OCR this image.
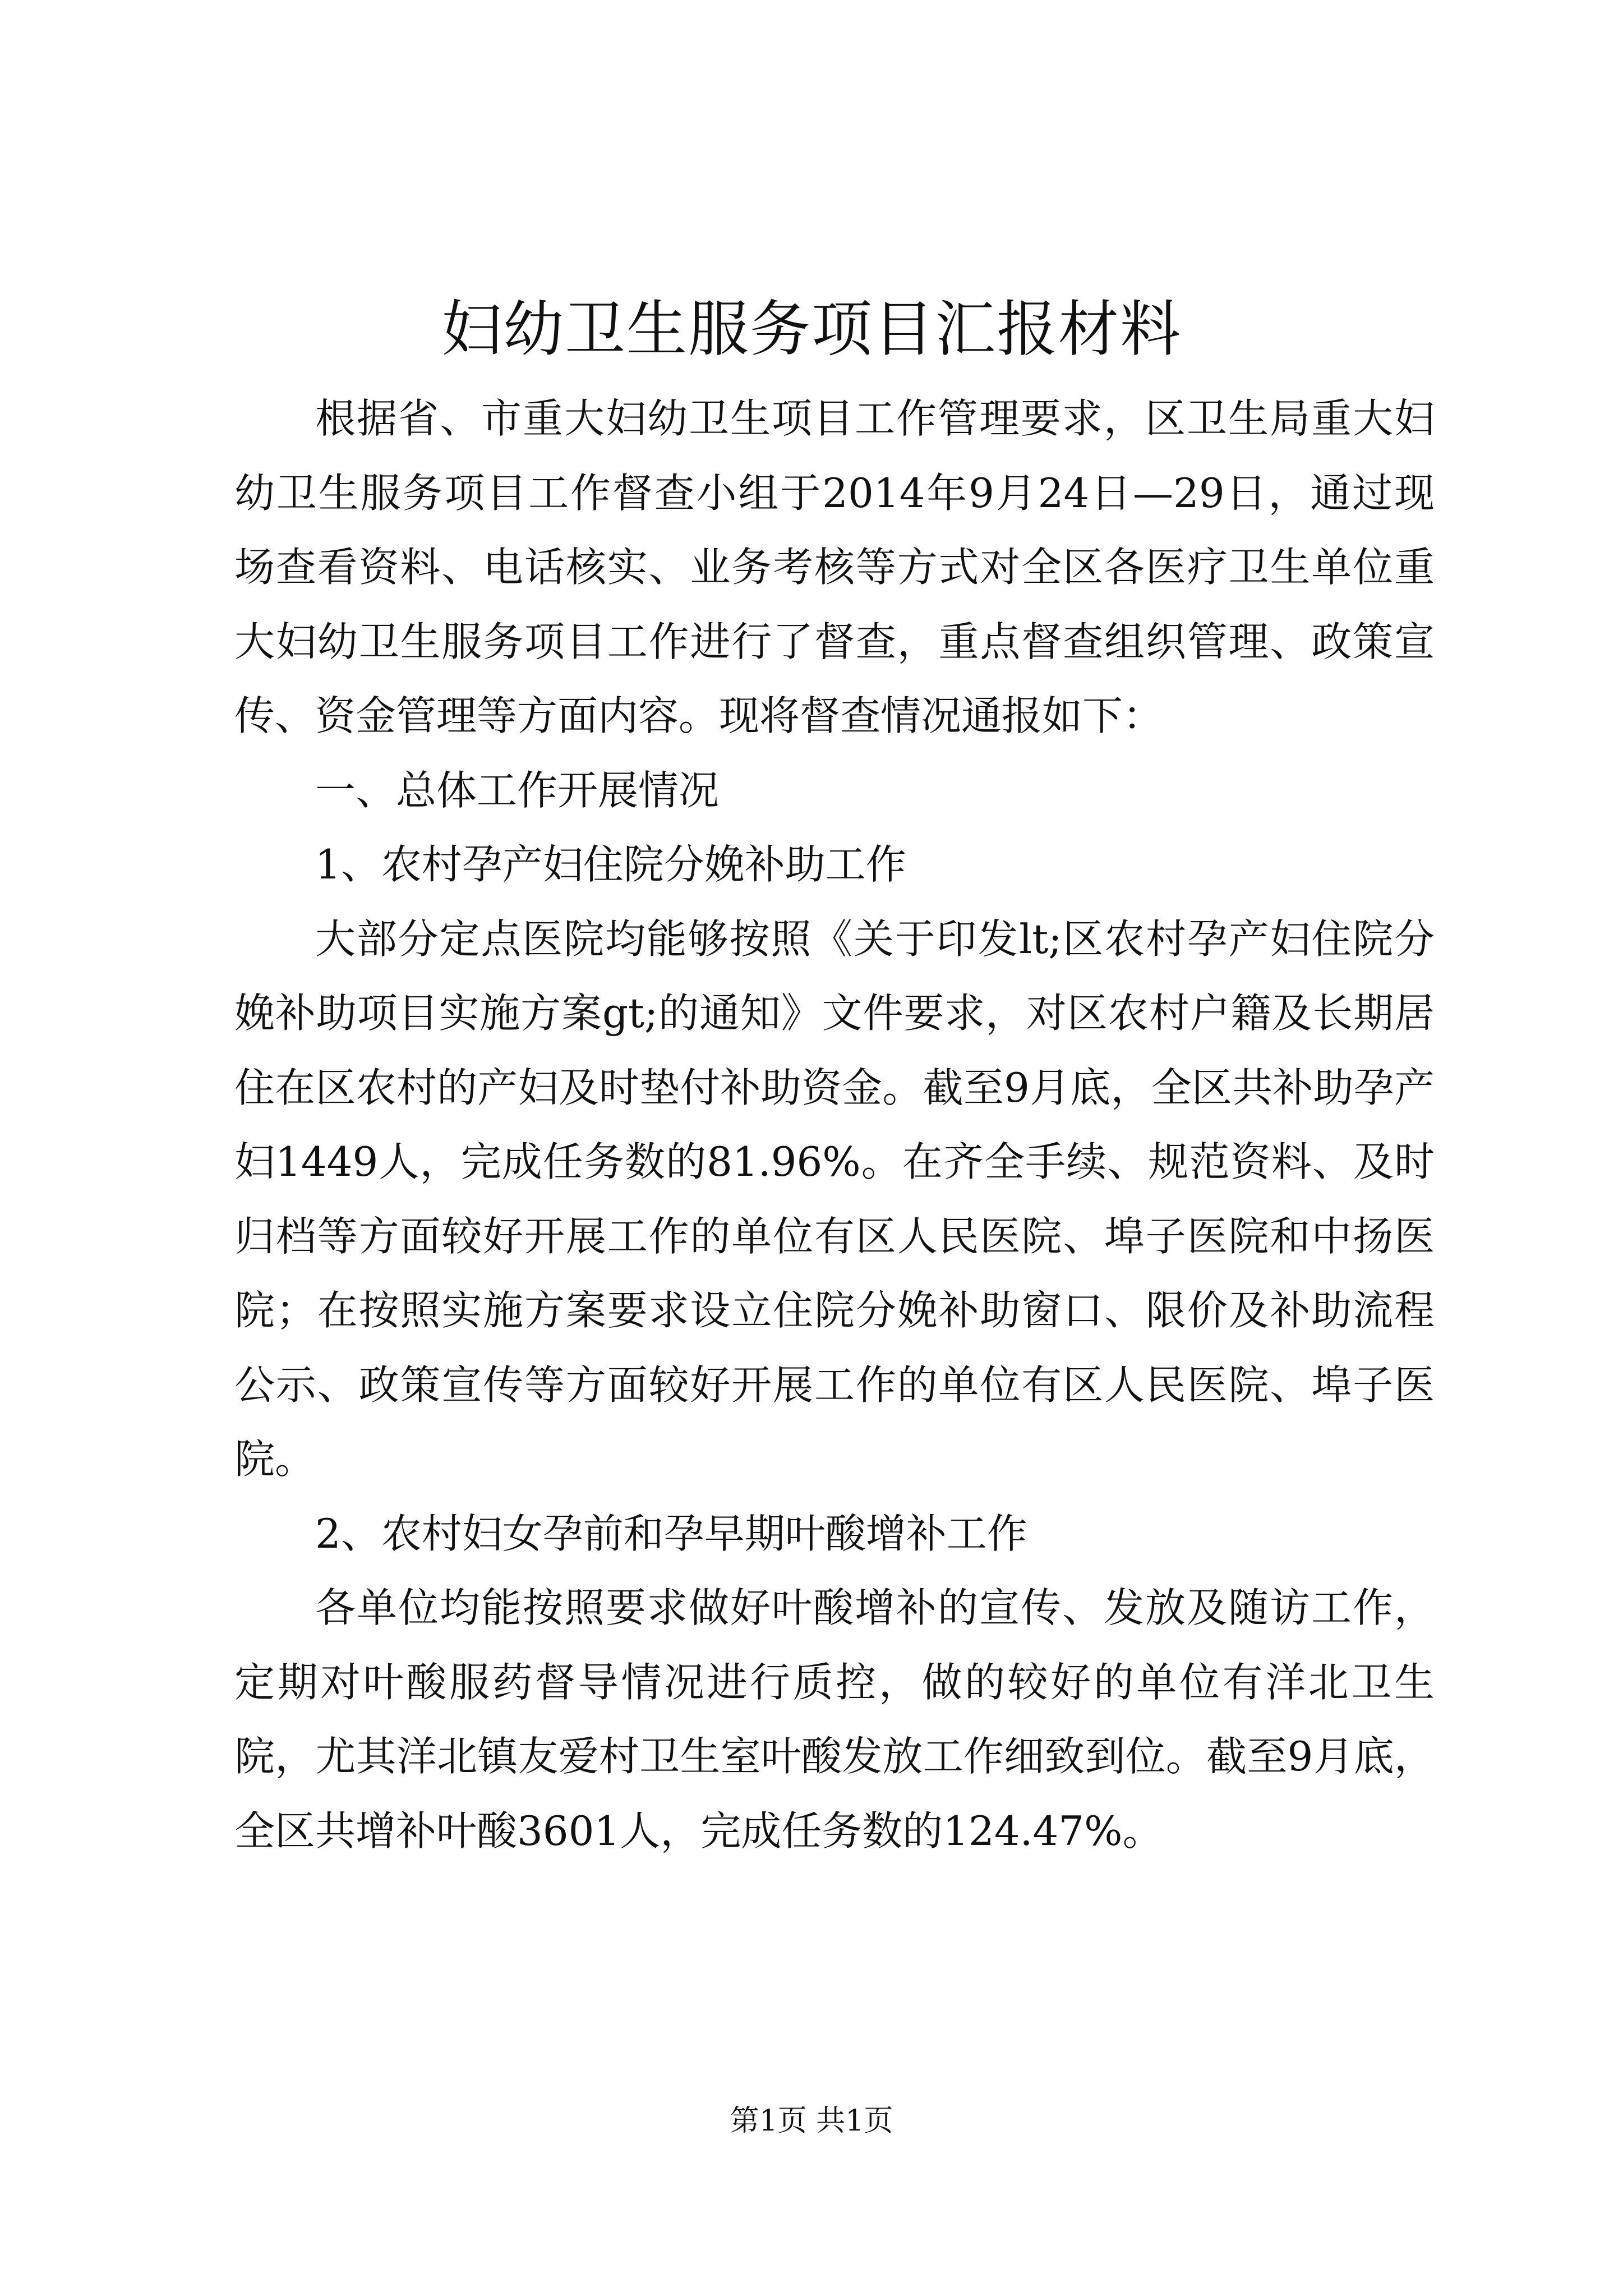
妇幼卫生服务项目汇报材料

根据省、市重大妇幼卫生项目工作管理要求，区卫生局重大妇幼卫生服务项目工作督查小组于2014年9月24日—29日，通过现场查看资料、电话核实、业务考核等方式对全区各医疗卫生单位重大妇幼卫生服务项目工作进行了督查，重点督查组织管理、政策宣传、资金管理等方面内容。现将督查情况通报如下：

一、总体工作开展情况

1、农村孕产妇住院分娩补助工作

大部分定点医院均能够按照《关于印发lt;区农村孕产妇住院分娩补助项目实施方案gt;的通知》文件要求，对区农村户籍及长期居住在区农村的产妇及时垫付补助资金。截至9月底，全区共补助孕产妇1449人，完成任务数的81.96%。在齐全手续、规范资料、及时归档等方面较好开展工作的单位有区人民医院、埠子医院和中扬医院；在按照实施方案要求设立住院分娩补助窗口、限价及补助流程公示、政策宣传等方面较好开展工作的单位有区人民医院、埠子医院。

2、农村妇女孕前和孕早期叶酸增补工作

各单位均能按照要求做好叶酸增补的宣传、发放及随访工作，定期对叶酸服药督导情况进行质控，做的较好的单位有洋北卫生院，尤其洋北镇友爱村卫生室叶酸发放工作细致到位。截至9月底，全区共增补叶酸3601人，完成任务数的124.47%。

第1页 共1页
